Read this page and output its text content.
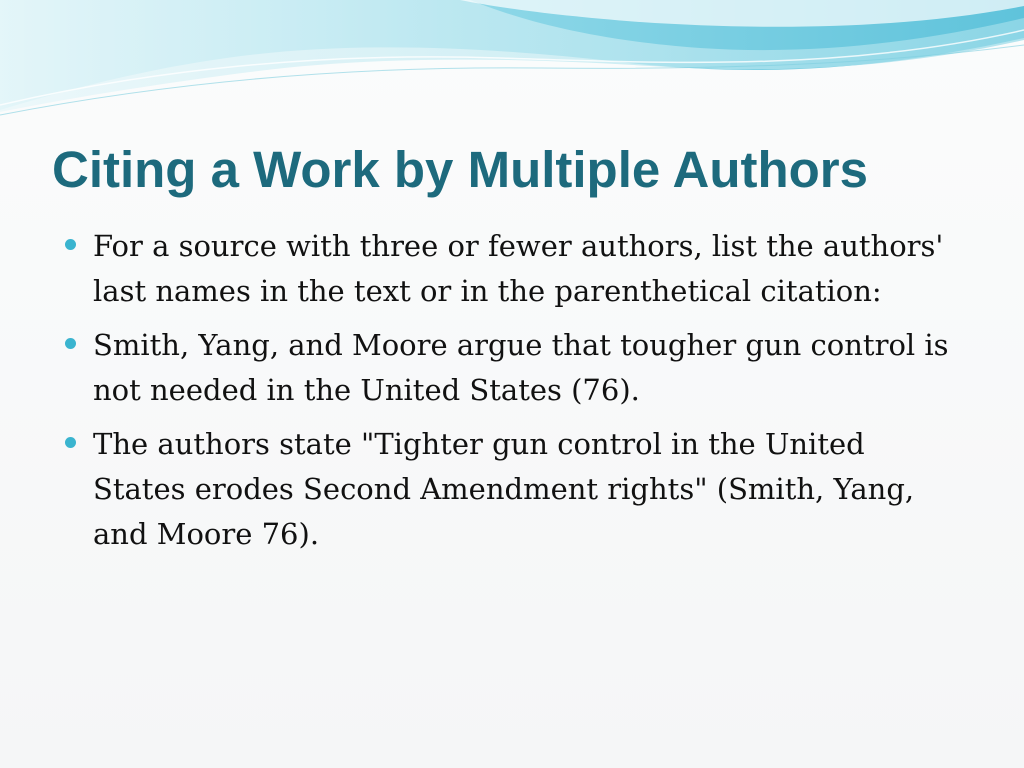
Citing a Work by Multiple Authors
For a source with three or fewer authors, list the authors' last names in the text or in the parenthetical citation:
Smith, Yang, and Moore argue that tougher gun control is not needed in the United States (76).
The authors state "Tighter gun control in the United States erodes Second Amendment rights" (Smith, Yang, and Moore 76).
